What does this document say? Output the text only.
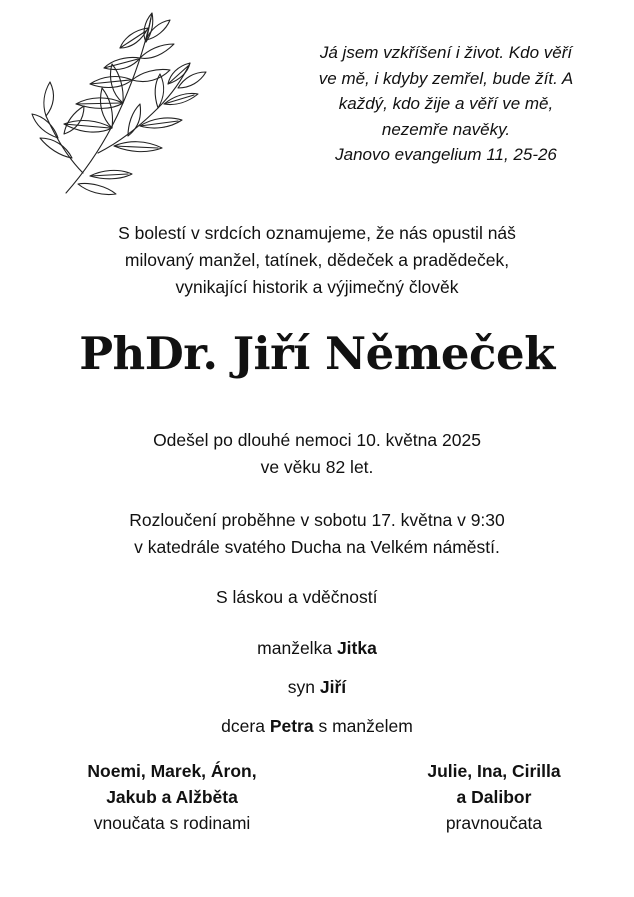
Já jsem vzkříšení i život. Kdo věří
ve mě, i kdyby zemřel, bude žít. A
každý, kdo žije a věří ve mě,
nezemře navěky.
Janovo evangelium 11, 25-26
S bolestí v srdcích oznamujeme, že nás opustil náš
milovaný manžel, tatínek, dědeček a pradědeček,
vynikající historik a výjimečný člověk
PhDr. Jiří Němeček
Odešel po dlouhé nemoci 10. května 2025
ve věku 82 let.
Rozloučení proběhne v sobotu 17. května v 9:30
v katedrále svatého Ducha na Velkém náměstí.
S láskou a vděčností
manželka Jitka
syn Jiří
dcera Petra s manželem
Noemi, Marek, Áron,
Jakub a Alžběta
vnoučata s rodinami
Julie, Ina, Cirilla
a Dalibor
pravnoučata
